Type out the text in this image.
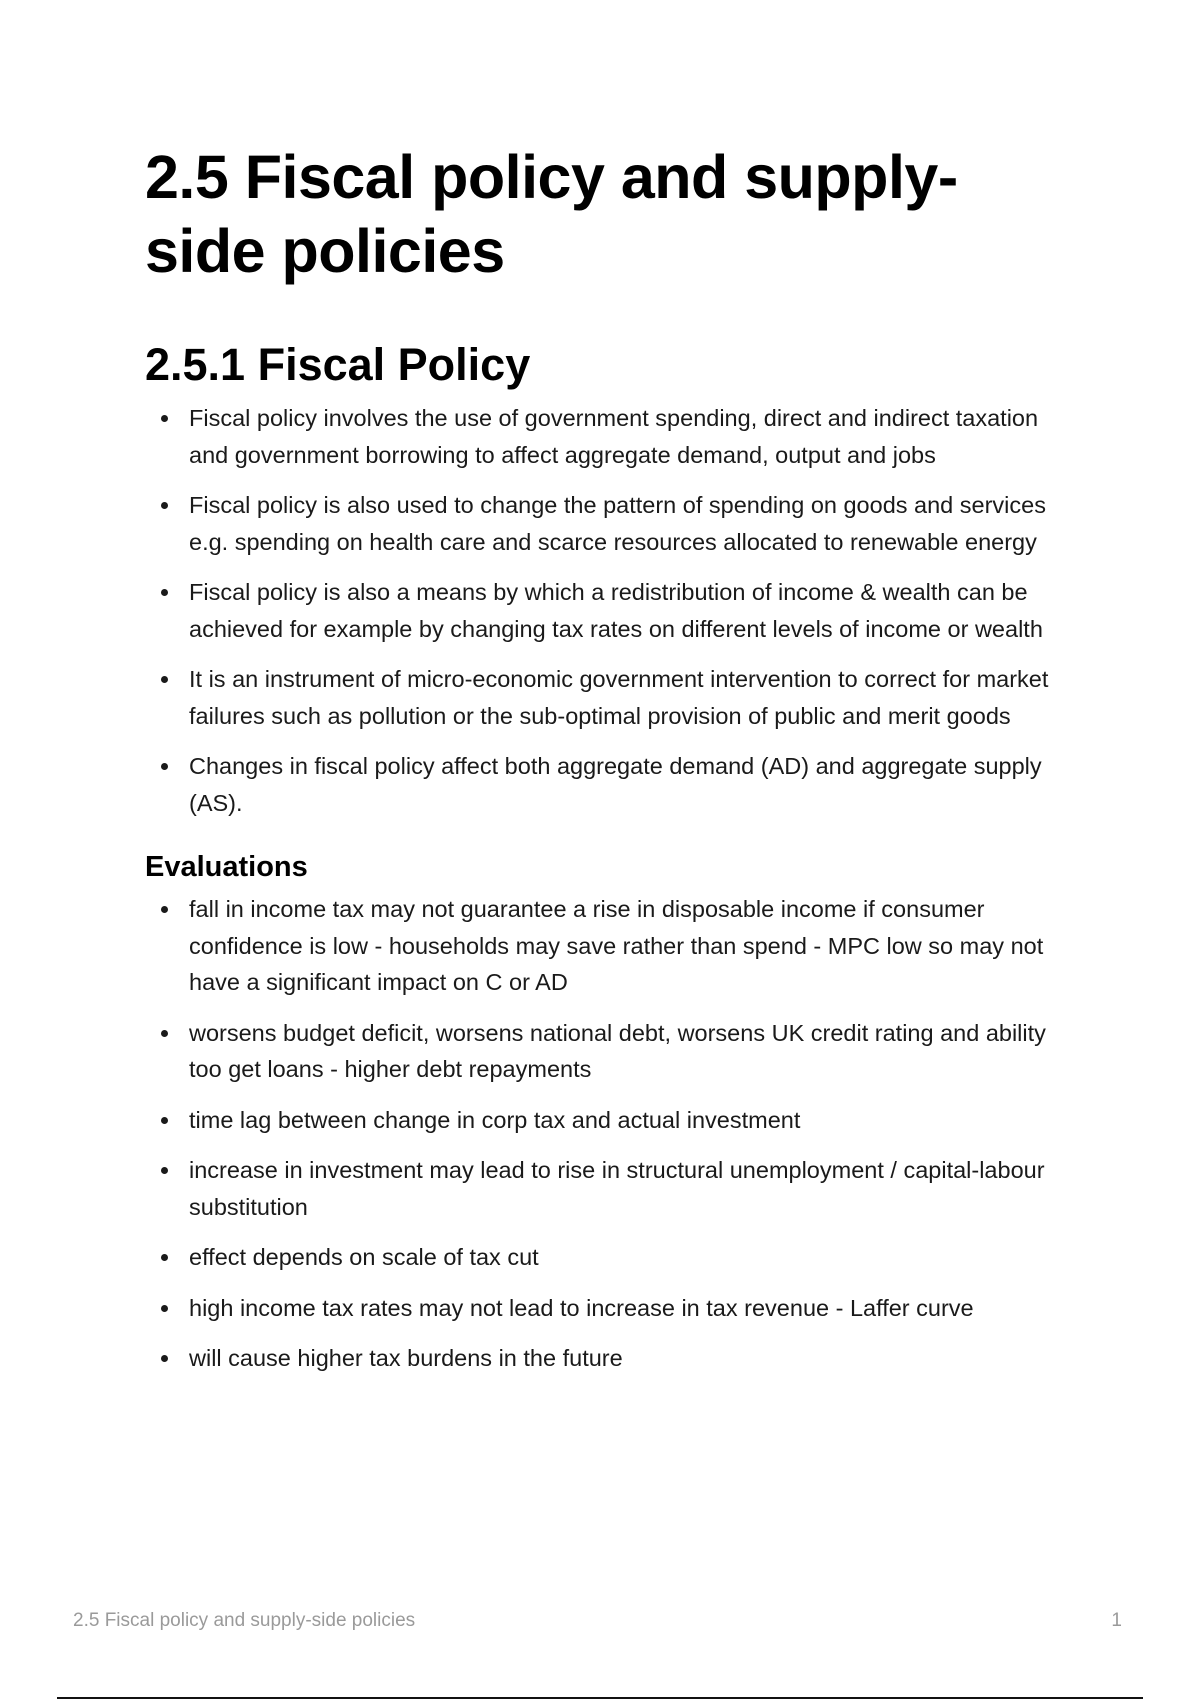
2.5 Fiscal policy and supply-side policies
2.5.1 Fiscal Policy
Fiscal policy involves the use of government spending, direct and indirect taxation and government borrowing to affect aggregate demand, output and jobs
Fiscal policy is also used to change the pattern of spending on goods and services e.g. spending on health care and scarce resources allocated to renewable energy
Fiscal policy is also a means by which a redistribution of income & wealth can be achieved for example by changing tax rates on different levels of income or wealth
It is an instrument of micro-economic government intervention to correct for market failures such as pollution or the sub-optimal provision of public and merit goods
Changes in fiscal policy affect both aggregate demand (AD) and aggregate supply (AS).
Evaluations
fall in income tax may not guarantee a rise in disposable income if consumer confidence is low - households may save rather than spend - MPC low so may not have a significant impact on C or AD
worsens budget deficit, worsens national debt, worsens UK credit rating and ability too get loans - higher debt repayments
time lag between change in corp tax and actual investment
increase in investment may lead to rise in structural unemployment / capital-labour substitution
effect depends on scale of tax cut
high income tax rates may not lead to increase in tax revenue - Laffer curve
will cause higher tax burdens in the future
2.5 Fiscal policy and supply-side policies	1
